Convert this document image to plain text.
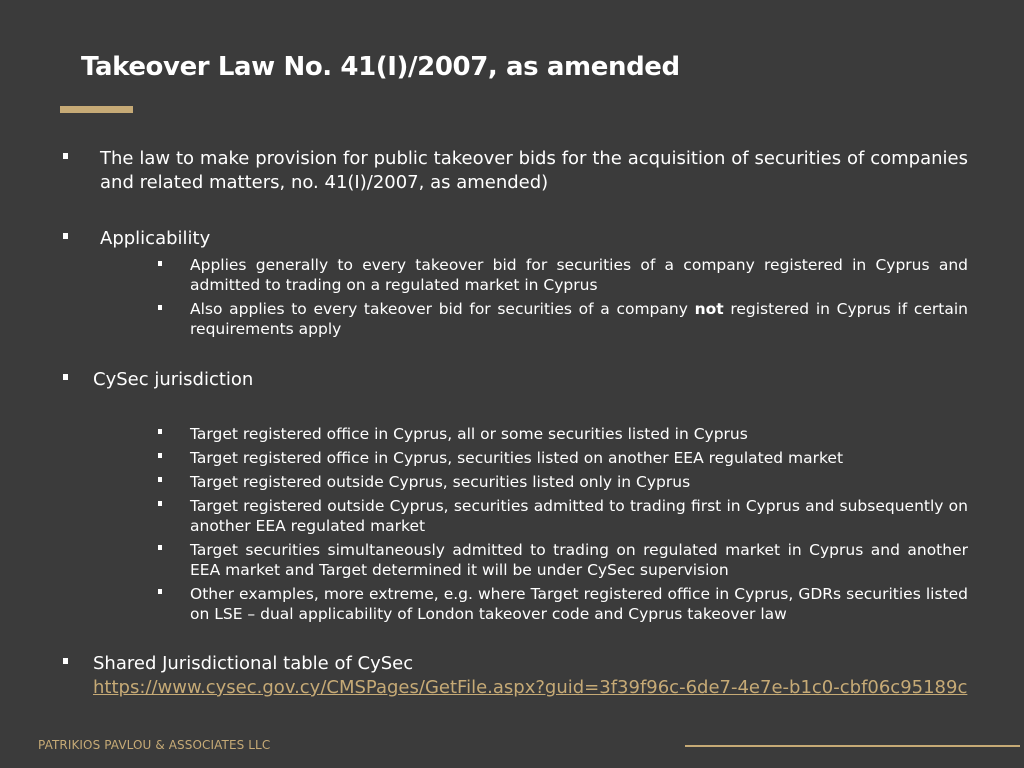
Takeover Law No. 41(I)/2007, as amended
The law to make provision for public takeover bids for the acquisition of securities of companies and related matters, no. 41(I)/2007, as amended)
Applicability
Applies generally to every takeover bid for securities of a company registered in Cyprus and admitted to trading on a regulated market in Cyprus
Also applies to every takeover bid for securities of a company not registered in Cyprus if certain requirements apply
CySec jurisdiction
Target registered office in Cyprus, all or some securities listed in Cyprus
Target registered office in Cyprus, securities listed on another EEA regulated market
Target registered outside Cyprus, securities listed only in Cyprus
Target registered outside Cyprus, securities admitted to trading first in Cyprus and subsequently on another EEA regulated market
Target securities simultaneously admitted to trading on regulated market in Cyprus and another EEA market and Target determined it will be under CySec supervision
Other examples, more extreme, e.g. where Target registered office in Cyprus, GDRs securities listed on LSE – dual applicability of London takeover code and Cyprus takeover law
Shared Jurisdictional table of CySec
https://www.cysec.gov.cy/CMSPages/GetFile.aspx?guid=3f39f96c-6de7-4e7e-b1c0-cbf06c95189c
PATRIKIOS PAVLOU & ASSOCIATES LLC
